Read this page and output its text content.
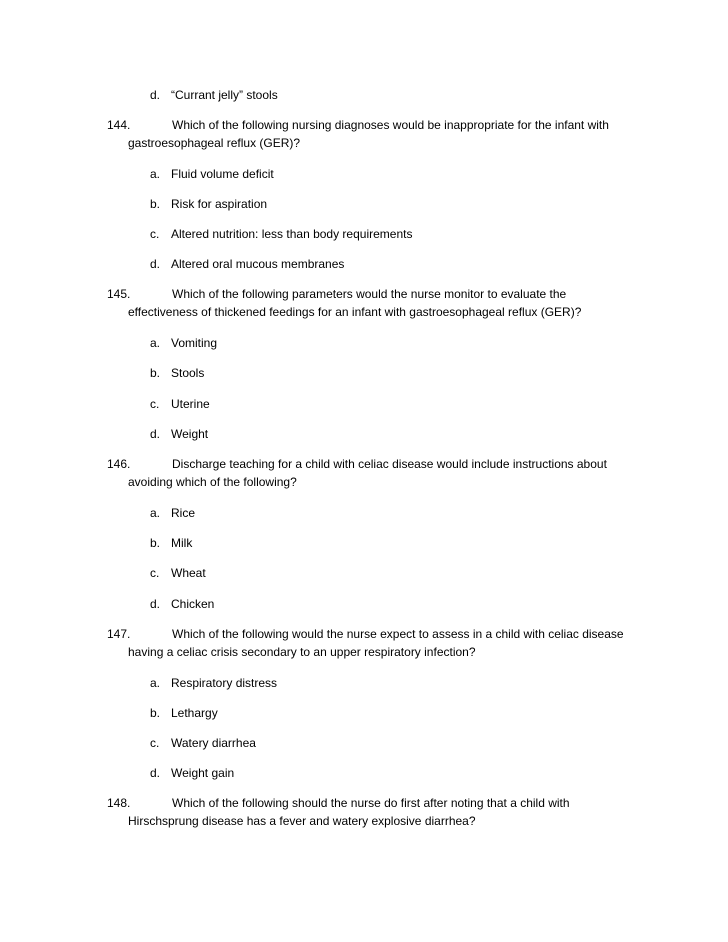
d. “Currant jelly” stools
144.	Which of the following nursing diagnoses would be inappropriate for the infant with
gastroesophageal reflux (GER)?
a. Fluid volume deficit
b. Risk for aspiration
c. Altered nutrition: less than body requirements
d. Altered oral mucous membranes
145.	Which of the following parameters would the nurse monitor to evaluate the
effectiveness of thickened feedings for an infant with gastroesophageal reflux (GER)?
a. Vomiting
b. Stools
c. Uterine
d. Weight
146.	Discharge teaching for a child with celiac disease would include instructions about
avoiding which of the following?
a. Rice
b. Milk
c. Wheat
d. Chicken
147.	Which of the following would the nurse expect to assess in a child with celiac disease
having a celiac crisis secondary to an upper respiratory infection?
a. Respiratory distress
b. Lethargy
c. Watery diarrhea
d. Weight gain
148.	Which of the following should the nurse do first after noting that a child with
Hirschsprung disease has a fever and watery explosive diarrhea?
